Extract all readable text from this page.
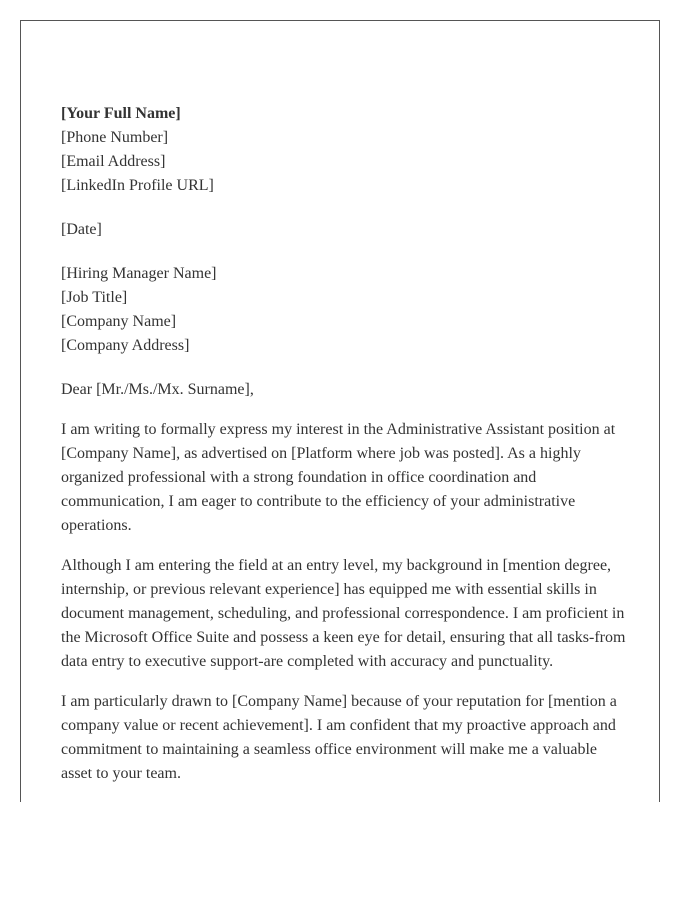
[Your Full Name]
[Phone Number]
[Email Address]
[LinkedIn Profile URL]
[Date]
[Hiring Manager Name]
[Job Title]
[Company Name]
[Company Address]

Dear [Mr./Ms./Mx. Surname],

I am writing to formally express my interest in the Administrative Assistant position at [Company Name], as advertised on [Platform where job was posted]. As a highly organized professional with a strong foundation in office coordination and communication, I am eager to contribute to the efficiency of your administrative operations.

Although I am entering the field at an entry level, my background in [mention degree, internship, or previous relevant experience] has equipped me with essential skills in document management, scheduling, and professional correspondence. I am proficient in the Microsoft Office Suite and possess a keen eye for detail, ensuring that all tasks-from data entry to executive support-are completed with accuracy and punctuality.

I am particularly drawn to [Company Name] because of your reputation for [mention a company value or recent achievement]. I am confident that my proactive approach and commitment to maintaining a seamless office environment will make me a valuable asset to your team.
